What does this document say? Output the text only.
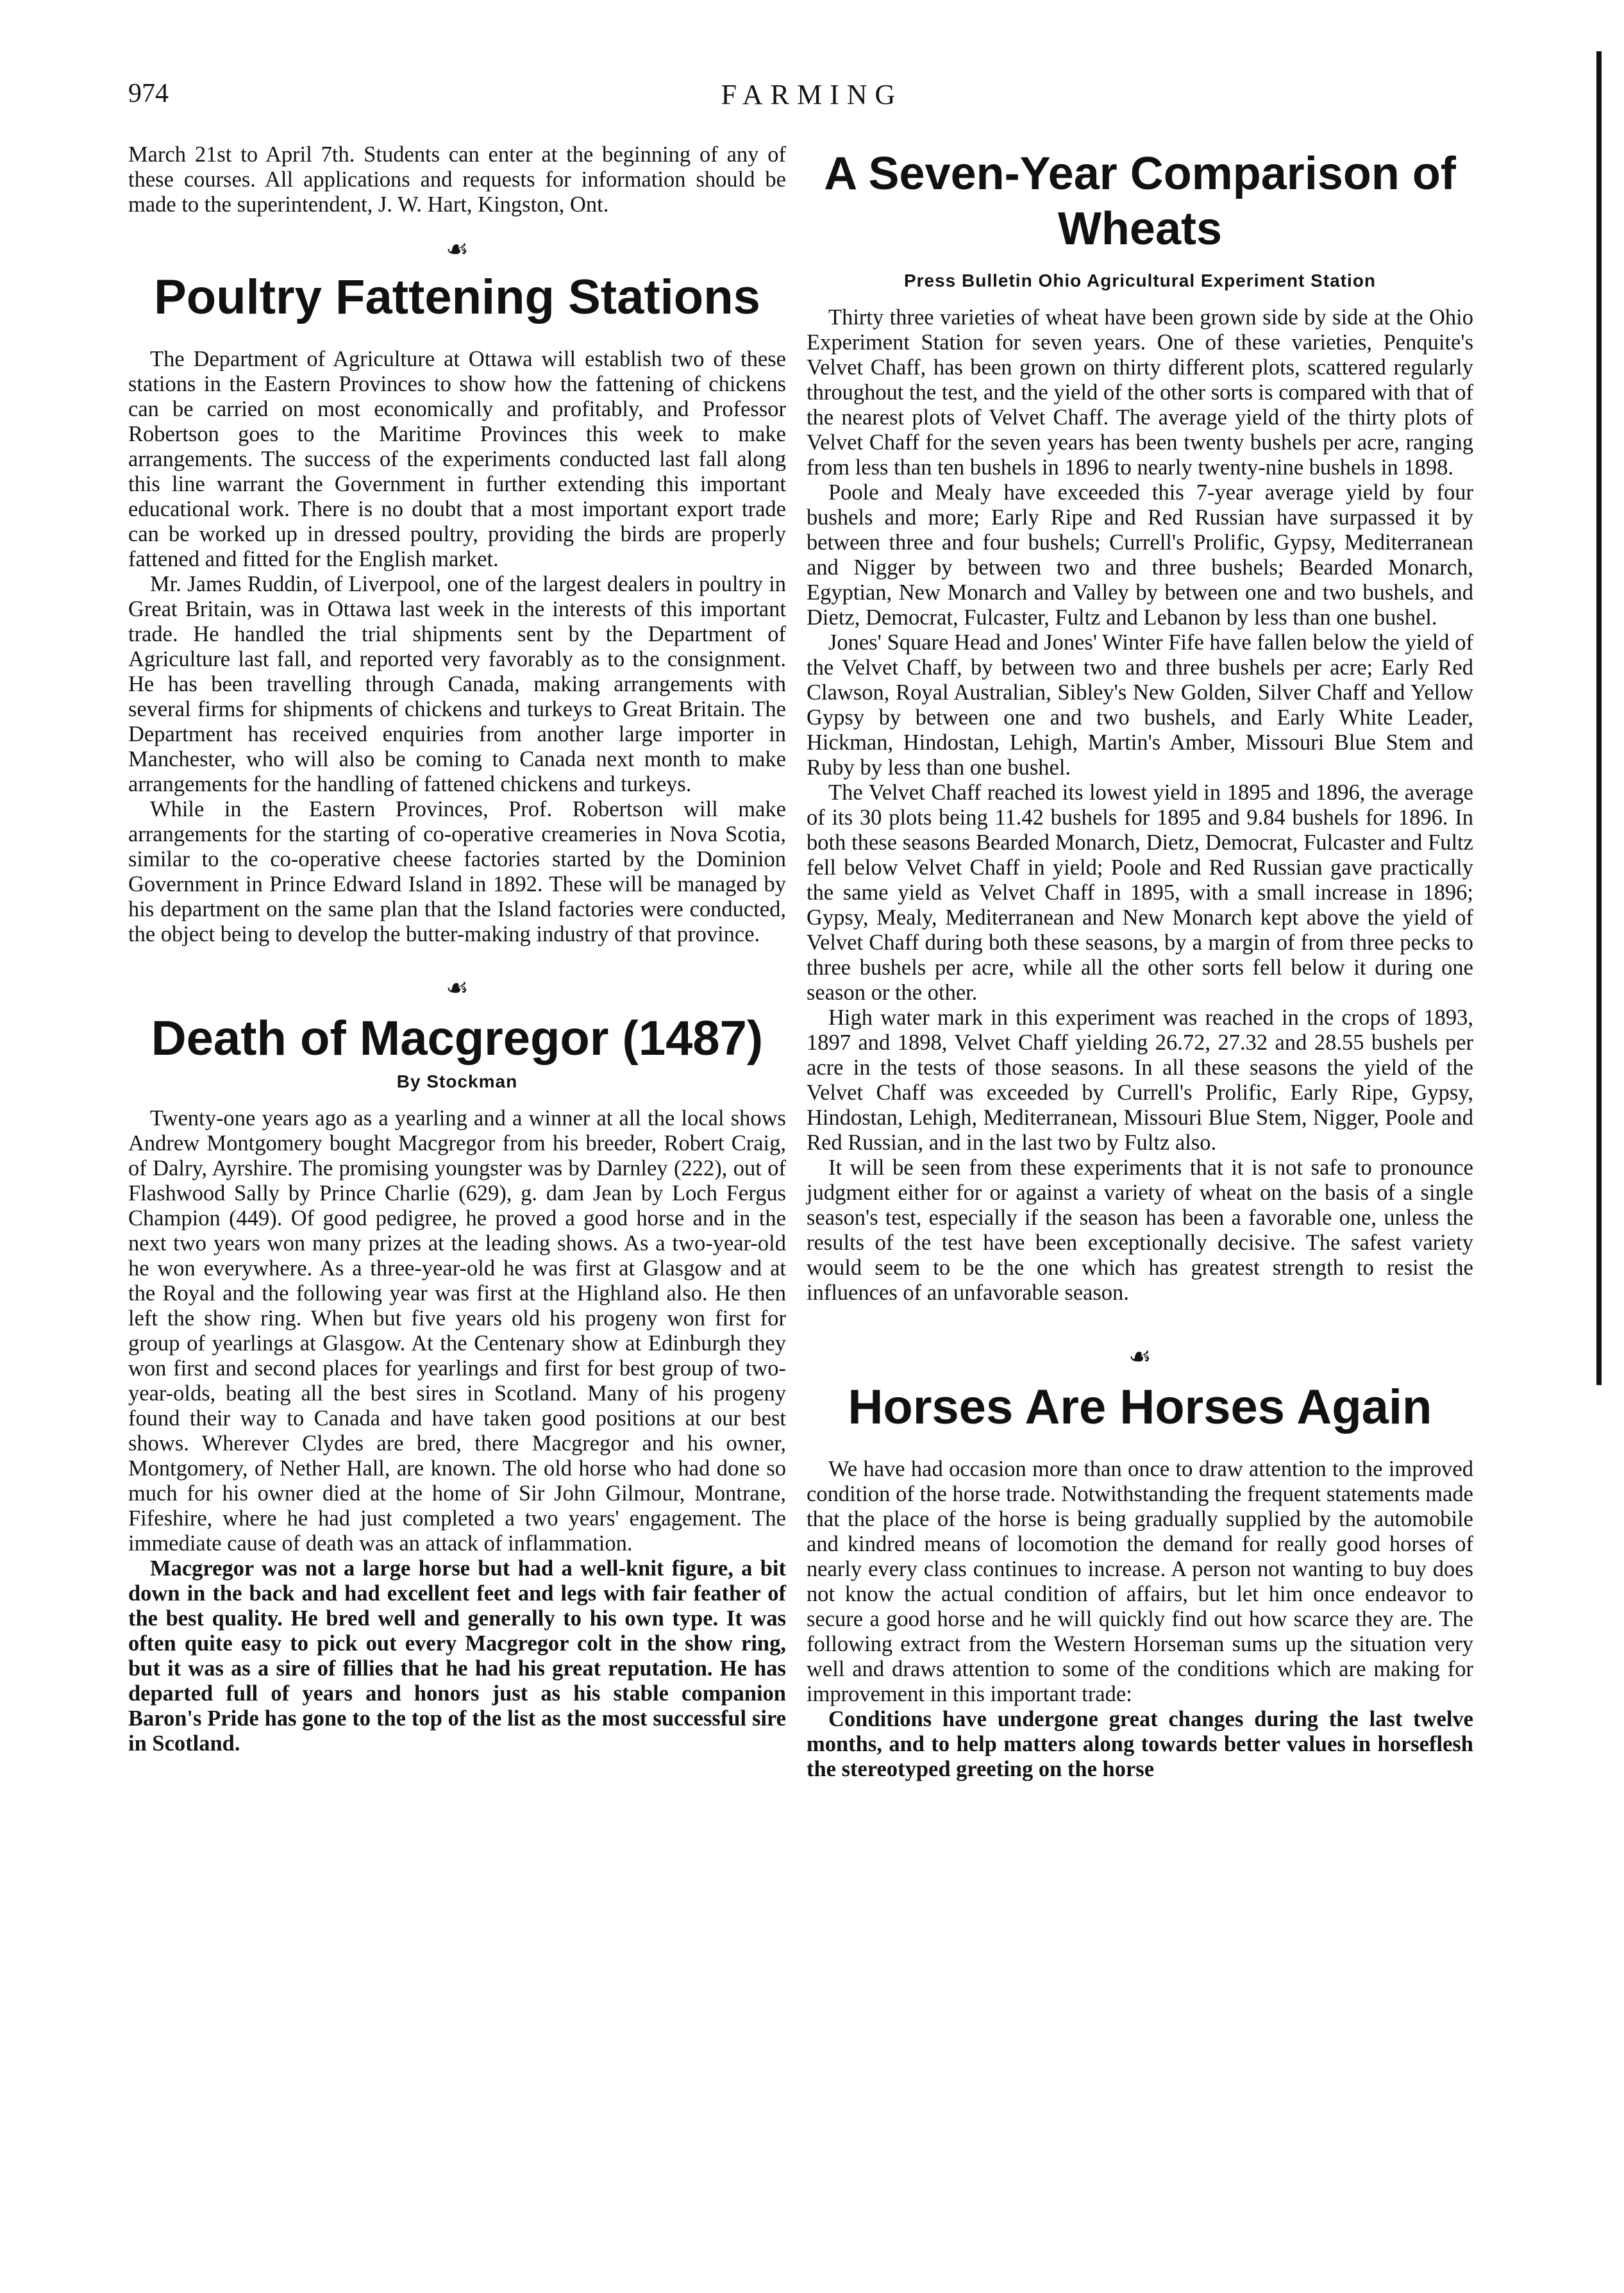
974	FARMING

March 21st to April 7th. Students can enter at the beginning of any of these courses. All applications and requests for information should be made to the superintendent, J. W. Hart, Kingston, Ont.

☙
Poultry Fattening Stations

The Department of Agriculture at Ottawa will establish two of these stations in the Eastern Provinces to show how the fattening of chickens can be carried on most economically and profitably, and Professor Robertson goes to the Maritime Provinces this week to make arrangements. The success of the experiments conducted last fall along this line warrant the Government in further extending this important educational work. There is no doubt that a most important export trade can be worked up in dressed poultry, providing the birds are properly fattened and fitted for the English market.

Mr. James Ruddin, of Liverpool, one of the largest dealers in poultry in Great Britain, was in Ottawa last week in the interests of this important trade. He handled the trial shipments sent by the Department of Agriculture last fall, and reported very favorably as to the consignment. He has been travelling through Canada, making arrangements with several firms for shipments of chickens and turkeys to Great Britain. The Department has received enquiries from another large importer in Manchester, who will also be coming to Canada next month to make arrangements for the handling of fattened chickens and turkeys.

While in the Eastern Provinces, Prof. Robertson will make arrangements for the starting of co-operative creameries in Nova Scotia, similar to the co-operative cheese factories started by the Dominion Government in Prince Edward Island in 1892. These will be managed by his department on the same plan that the Island factories were conducted, the object being to develop the butter-making industry of that province.

☙
Death of Macgregor (1487)
By Stockman

Twenty-one years ago as a yearling and a winner at all the local shows Andrew Montgomery bought Macgregor from his breeder, Robert Craig, of Dalry, Ayrshire. The promising youngster was by Darnley (222), out of Flashwood Sally by Prince Charlie (629), g. dam Jean by Loch Fergus Champion (449). Of good pedigree, he proved a good horse and in the next two years won many prizes at the leading shows. As a two-year-old he won everywhere. As a three-year-old he was first at Glasgow and at the Royal and the following year was first at the Highland also. He then left the show ring. When but five years old his progeny won first for group of yearlings at Glasgow. At the Centenary show at Edinburgh they won first and second places for yearlings and first for best group of two-year-olds, beating all the best sires in Scotland. Many of his progeny found their way to Canada and have taken good positions at our best shows. Wherever Clydes are bred, there Macgregor and his owner, Montgomery, of Nether Hall, are known. The old horse who had done so much for his owner died at the home of Sir John Gilmour, Montrane, Fifeshire, where he had just completed a two years' engagement. The immediate cause of death was an attack of inflammation.

Macgregor was not a large horse but had a well-knit figure, a bit down in the back and had excellent feet and legs with fair feather of the best quality. He bred well and generally to his own type. It was often quite easy to pick out every Macgregor colt in the show ring, but it was as a sire of fillies that he had his great reputation. He has departed full of years and honors just as his stable companion Baron's Pride has gone to the top of the list as the most successful sire in Scotland.

A Seven-Year Comparison of Wheats
Press Bulletin Ohio Agricultural Experiment Station

Thirty three varieties of wheat have been grown side by side at the Ohio Experiment Station for seven years. One of these varieties, Penquite's Velvet Chaff, has been grown on thirty different plots, scattered regularly throughout the test, and the yield of the other sorts is compared with that of the nearest plots of Velvet Chaff. The average yield of the thirty plots of Velvet Chaff for the seven years has been twenty bushels per acre, ranging from less than ten bushels in 1896 to nearly twenty-nine bushels in 1898.

Poole and Mealy have exceeded this 7-year average yield by four bushels and more; Early Ripe and Red Russian have surpassed it by between three and four bushels; Currell's Prolific, Gypsy, Mediterranean and Nigger by between two and three bushels; Bearded Monarch, Egyptian, New Monarch and Valley by between one and two bushels, and Dietz, Democrat, Fulcaster, Fultz and Lebanon by less than one bushel.

Jones' Square Head and Jones' Winter Fife have fallen below the yield of the Velvet Chaff, by between two and three bushels per acre; Early Red Clawson, Royal Australian, Sibley's New Golden, Silver Chaff and Yellow Gypsy by between one and two bushels, and Early White Leader, Hickman, Hindostan, Lehigh, Martin's Amber, Missouri Blue Stem and Ruby by less than one bushel.

The Velvet Chaff reached its lowest yield in 1895 and 1896, the average of its 30 plots being 11.42 bushels for 1895 and 9.84 bushels for 1896. In both these seasons Bearded Monarch, Dietz, Democrat, Fulcaster and Fultz fell below Velvet Chaff in yield; Poole and Red Russian gave practically the same yield as Velvet Chaff in 1895, with a small increase in 1896; Gypsy, Mealy, Mediterranean and New Monarch kept above the yield of Velvet Chaff during both these seasons, by a margin of from three pecks to three bushels per acre, while all the other sorts fell below it during one season or the other.

High water mark in this experiment was reached in the crops of 1893, 1897 and 1898, Velvet Chaff yielding 26.72, 27.32 and 28.55 bushels per acre in the tests of those seasons. In all these seasons the yield of the Velvet Chaff was exceeded by Currell's Prolific, Early Ripe, Gypsy, Hindostan, Lehigh, Mediterranean, Missouri Blue Stem, Nigger, Poole and Red Russian, and in the last two by Fultz also.

It will be seen from these experiments that it is not safe to pronounce judgment either for or against a variety of wheat on the basis of a single season's test, especially if the season has been a favorable one, unless the results of the test have been exceptionally decisive. The safest variety would seem to be the one which has greatest strength to resist the influences of an unfavorable season.

☙
Horses Are Horses Again

We have had occasion more than once to draw attention to the improved condition of the horse trade. Notwithstanding the frequent statements made that the place of the horse is being gradually supplied by the automobile and kindred means of locomotion the demand for really good horses of nearly every class continues to increase. A person not wanting to buy does not know the actual condition of affairs, but let him once endeavor to secure a good horse and he will quickly find out how scarce they are. The following extract from the Western Horseman sums up the situation very well and draws attention to some of the conditions which are making for improvement in this important trade:

Conditions have undergone great changes during the last twelve months, and to help matters along towards better values in horseflesh the stereotyped greeting on the horse
